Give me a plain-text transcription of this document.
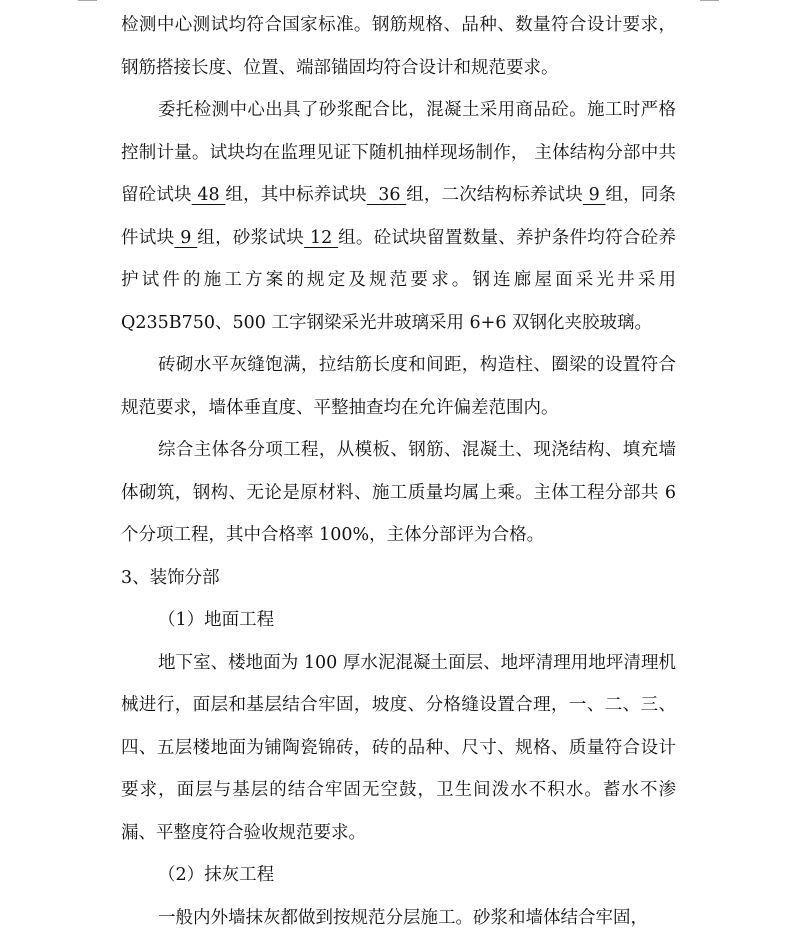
检测中心测试均符合国家标准。钢筋规格、品种、数量符合设计要求，钢筋搭接长度、位置、端部锚固均符合设计和规范要求。

委托检测中心出具了砂浆配合比，混凝土采用商品砼。施工时严格控制计量。试块均在监理见证下随机抽样现场制作， 主体结构分部中共留砼试块 48 组，其中标养试块  36 组，二次结构标养试块 9 组，同条件试块 9 组，砂浆试块 12 组。砼试块留置数量、养护条件均符合砼养护试件的施工方案的规定及规范要求。钢连廊屋面采光井采用 Q235B750、500 工字钢梁采光井玻璃采用 6+6 双钢化夹胶玻璃。

砖砌水平灰缝饱满，拉结筋长度和间距，构造柱、圈梁的设置符合规范要求，墙体垂直度、平整抽查均在允许偏差范围内。

综合主体各分项工程，从模板、钢筋、混凝土、现浇结构、填充墙体砌筑，钢构、无论是原材料、施工质量均属上乘。主体工程分部共 6 个分项工程，其中合格率 100%，主体分部评为合格。

3、装饰分部

（1）地面工程

地下室、楼地面为 100 厚水泥混凝土面层、地坪清理用地坪清理机械进行，面层和基层结合牢固，坡度、分格缝设置合理，一、二、三、四、五层楼地面为铺陶瓷锦砖，砖的品种、尺寸、规格、质量符合设计要求，面层与基层的结合牢固无空鼓，卫生间泼水不积水。蓄水不渗漏、平整度符合验收规范要求。

（2）抹灰工程

一般内外墙抹灰都做到按规范分层施工。砂浆和墙体结合牢固，
